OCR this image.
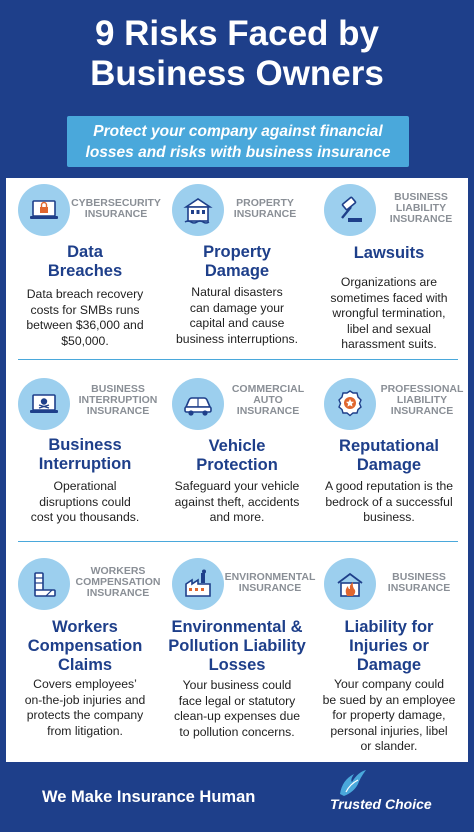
9 Risks Faced by
Business Owners
Protect your company against financial
losses and risks with business insurance
CYBERSECURITY
INSURANCE
Data
Breaches
Data breach recovery
costs for SMBs runs
between $36,000 and
$50,000.
PROPERTY
INSURANCE
Property
Damage
Natural disasters
can damage your
capital and cause
business interruptions.
BUSINESS
LIABILITY
INSURANCE
Lawsuits
Organizations are
sometimes faced with
wrongful termination,
libel and sexual
harassment suits.
BUSINESS
INTERRUPTION
INSURANCE
Business
Interruption
Operational
disruptions could
cost you thousands.
COMMERCIAL
AUTO
INSURANCE
Vehicle
Protection
Safeguard your vehicle
against theft, accidents
and more.
PROFESSIONAL
LIABILITY
INSURANCE
Reputational
Damage
A good reputation is the
bedrock of a successful
business.
WORKERS
COMPENSATION
INSURANCE
Workers
Compensation
Claims
Covers employees’
on-the-job injuries and
protects the company
from litigation.
ENVIRONMENTAL
INSURANCE
Environmental &
Pollution Liability
Losses
Your business could
face legal or statutory
clean-up expenses due
to pollution concerns.
BUSINESS
INSURANCE
Liability for
Injuries or
Damage
Your company could
be sued by an employee
for property damage,
personal injuries, libel
or slander.
We Make Insurance Human	Trusted Choice
